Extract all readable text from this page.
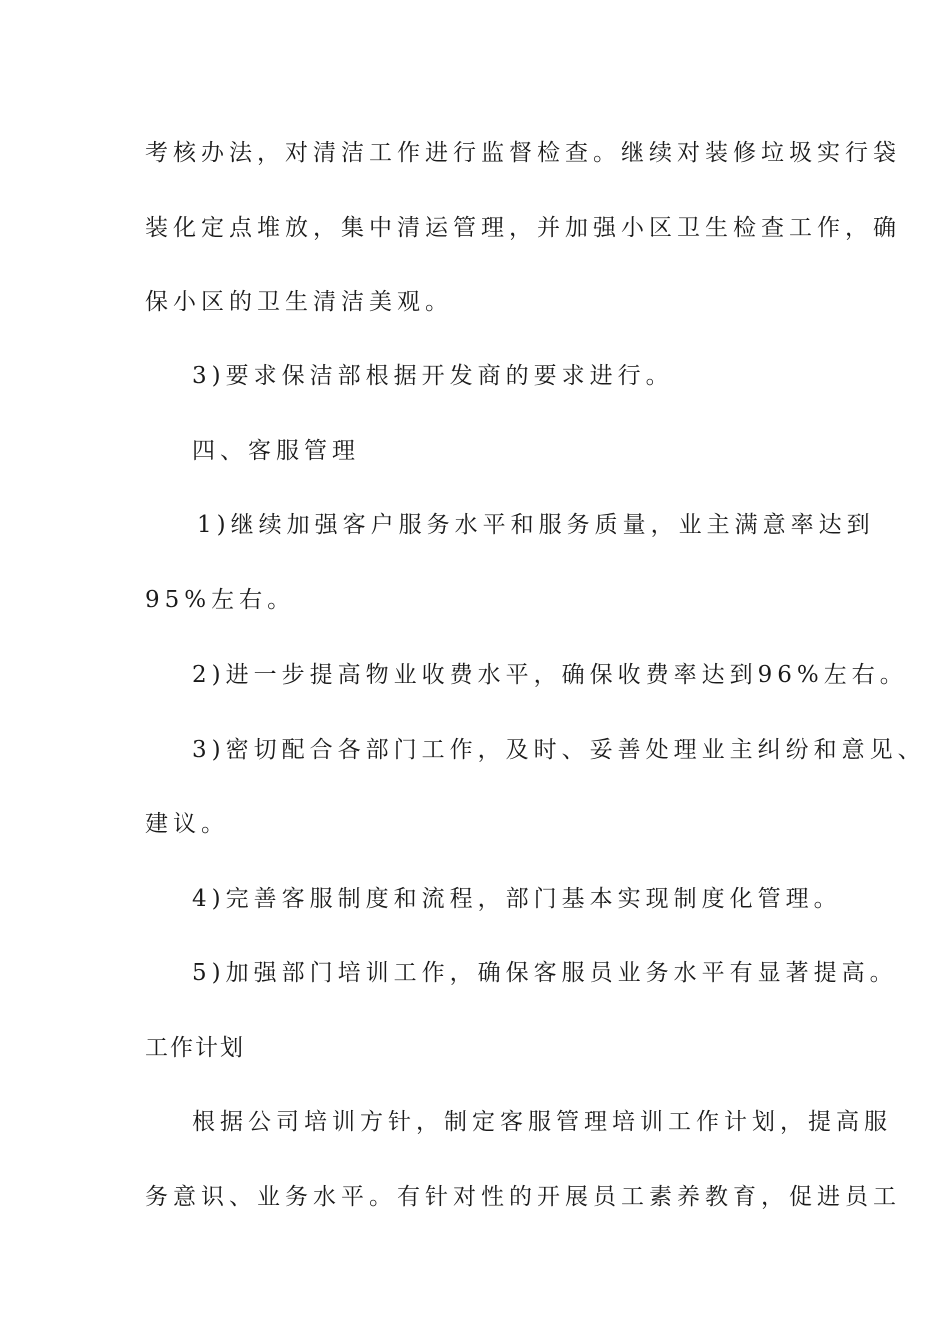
考核办法，对清洁工作进行监督检查。继续对装修垃圾实行袋
装化定点堆放，集中清运管理，并加强小区卫生检查工作，确
保小区的卫生清洁美观。
3)要求保洁部根据开发商的要求进行。
四、客服管理
1)继续加强客户服务水平和服务质量，业主满意率达到
95%左右。
2)进一步提高物业收费水平，确保收费率达到96%左右。
3)密切配合各部门工作，及时、妥善处理业主纠纷和意见、
建议。
4)完善客服制度和流程，部门基本实现制度化管理。
5)加强部门培训工作，确保客服员业务水平有显著提高。
工作计划
根据公司培训方针，制定客服管理培训工作计划，提高服
务意识、业务水平。有针对性的开展员工素养教育，促进员工
